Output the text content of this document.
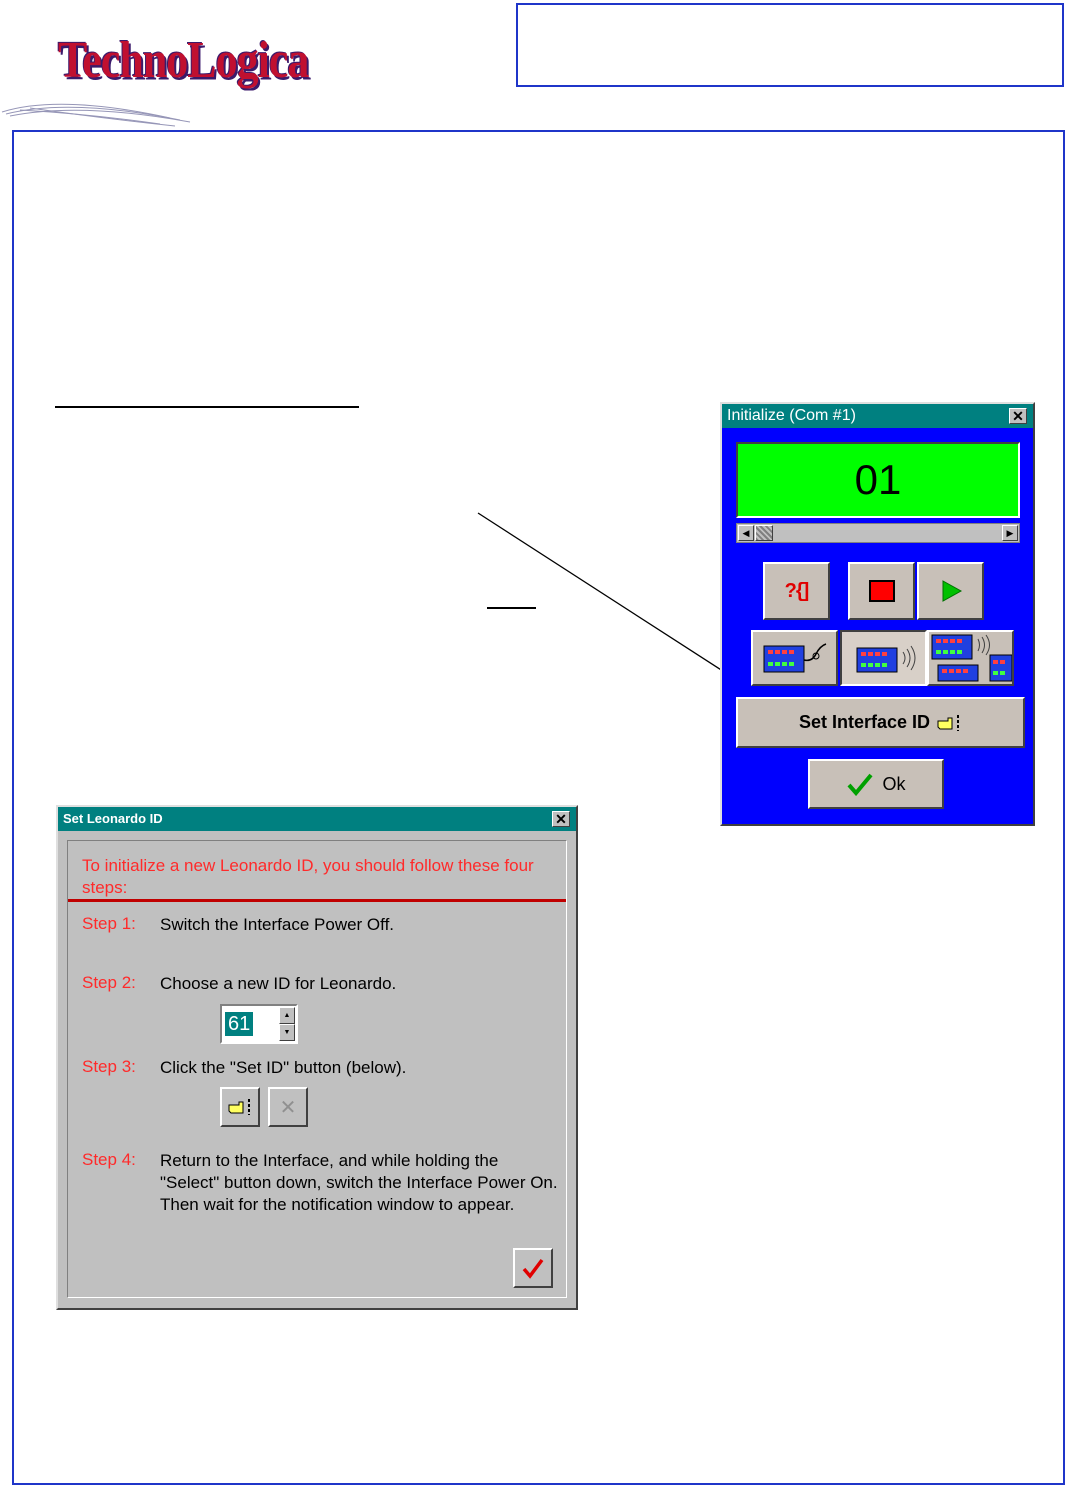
TechnoLogica
Initialize (Com #1)	✕
01
◀	▶
?{]
Set Interface ID
Ok
Set Leonardo ID	✕
To initialize a new Leonardo ID, you should follow these four steps:
Step 1: Switch the Interface Power Off.
Step 2: Choose a new ID for Leonardo.
61	▲
▼
Step 3: Click the "Set ID" button (below).
✕
Step 4: Return to the Interface, and while holding the "Select" button down, switch the Interface Power On.
Then wait for the notification window to appear.
